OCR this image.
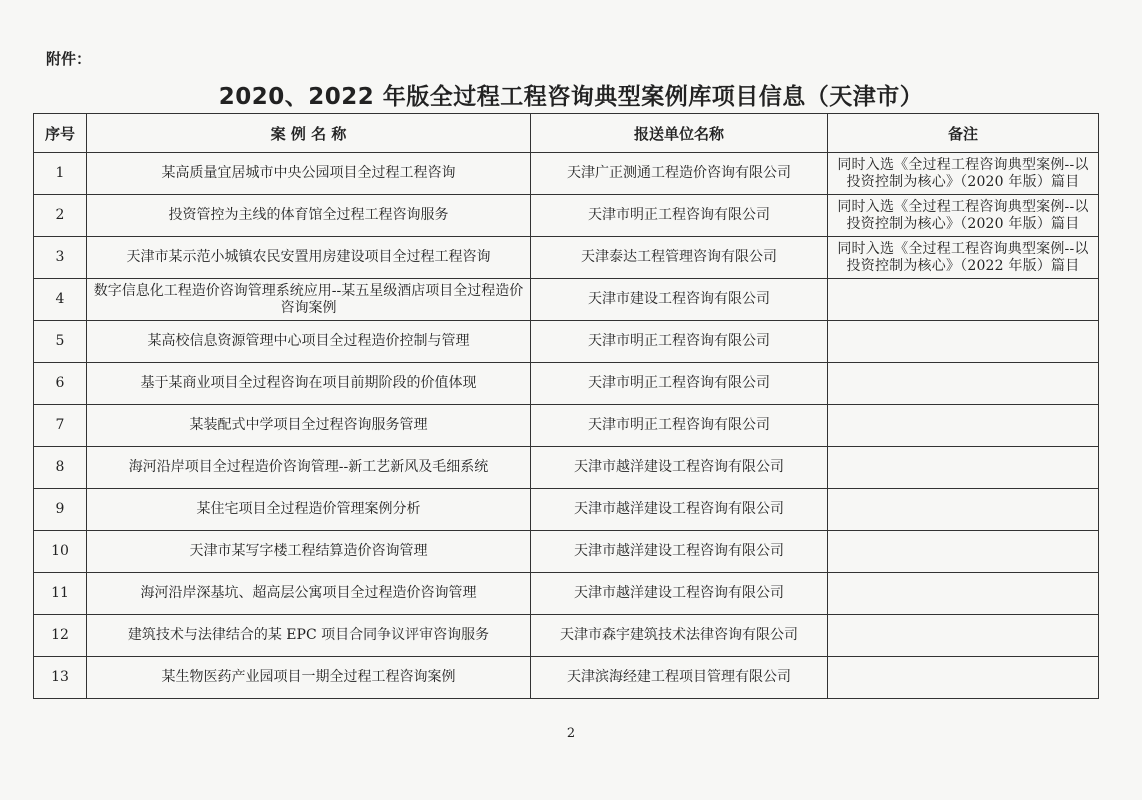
附件：
2020、2022 年版全过程工程咨询典型案例库项目信息（天津市）
序号	案 例 名 称	报送单位名称	备注
1	某高质量宜居城市中央公园项目全过程工程咨询	天津广正测通工程造价咨询有限公司	同时入选《全过程工程咨询典型案例--以投资控制为核心》（2020 年版）篇目
2	投资管控为主线的体育馆全过程工程咨询服务	天津市明正工程咨询有限公司	同时入选《全过程工程咨询典型案例--以投资控制为核心》（2020 年版）篇目
3	天津市某示范小城镇农民安置用房建设项目全过程工程咨询	天津泰达工程管理咨询有限公司	同时入选《全过程工程咨询典型案例--以投资控制为核心》（2022 年版）篇目
4	数字信息化工程造价咨询管理系统应用--某五星级酒店项目全过程造价咨询案例	天津市建设工程咨询有限公司	
5	某高校信息资源管理中心项目全过程造价控制与管理	天津市明正工程咨询有限公司	
6	基于某商业项目全过程咨询在项目前期阶段的价值体现	天津市明正工程咨询有限公司	
7	某装配式中学项目全过程咨询服务管理	天津市明正工程咨询有限公司	
8	海河沿岸项目全过程造价咨询管理--新工艺新风及毛细系统	天津市越洋建设工程咨询有限公司	
9	某住宅项目全过程造价管理案例分析	天津市越洋建设工程咨询有限公司	
10	天津市某写字楼工程结算造价咨询管理	天津市越洋建设工程咨询有限公司	
11	海河沿岸深基坑、超高层公寓项目全过程造价咨询管理	天津市越洋建设工程咨询有限公司	
12	建筑技术与法律结合的某 EPC 项目合同争议评审咨询服务	天津市森宇建筑技术法律咨询有限公司	
13	某生物医药产业园项目一期全过程工程咨询案例	天津滨海经建工程项目管理有限公司	
2
